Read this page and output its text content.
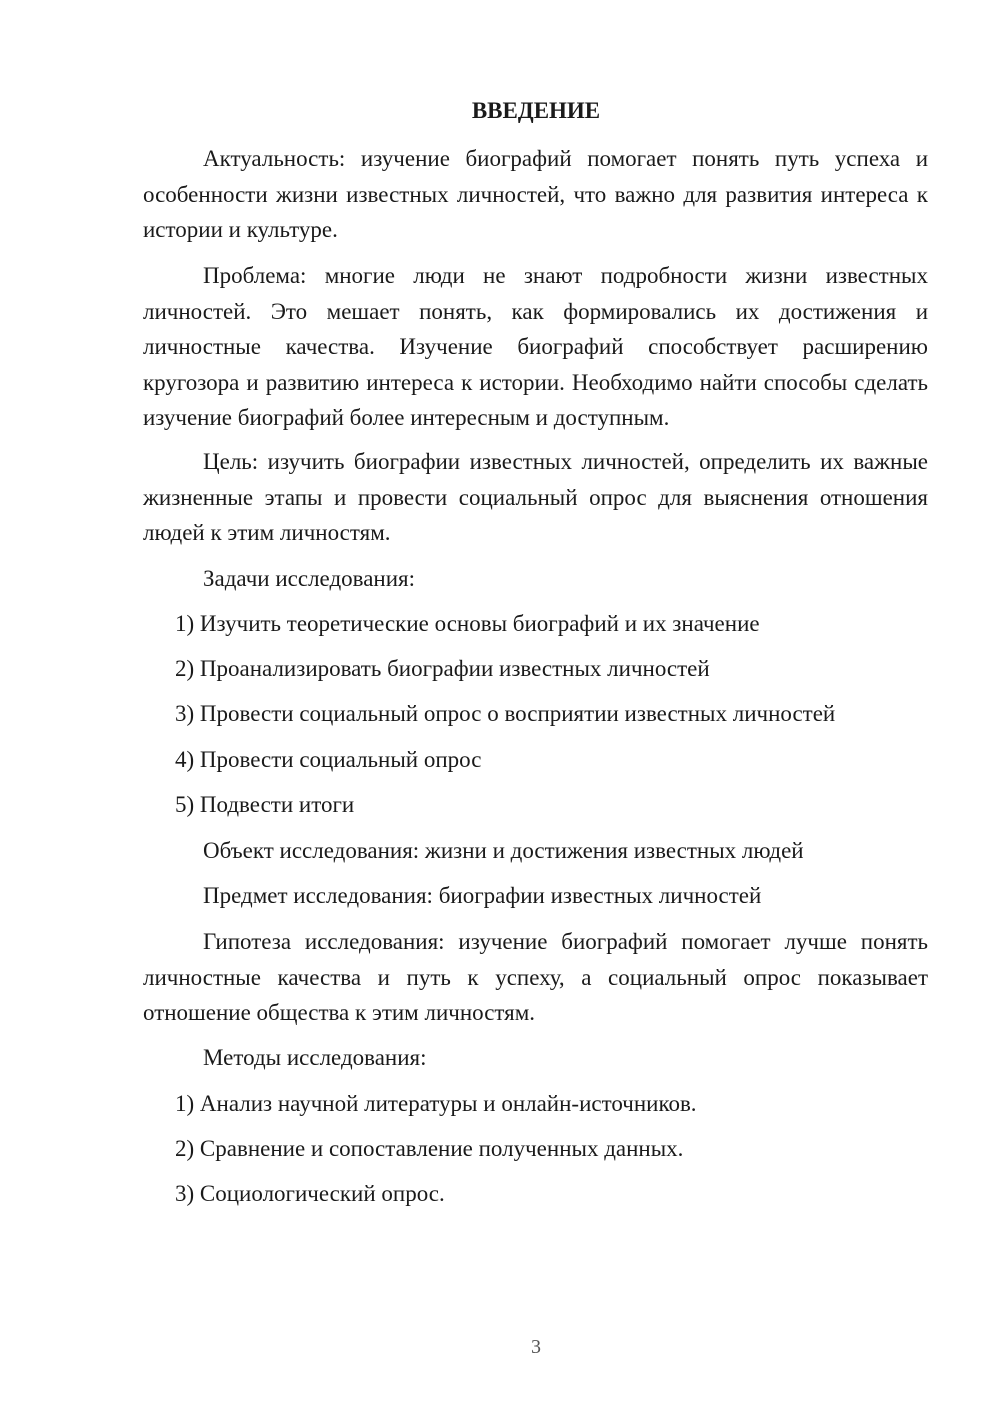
ВВЕДЕНИЕ

Актуальность: изучение биографий помогает понять путь успеха и особенности жизни известных личностей, что важно для развития интереса к истории и культуре.

Проблема: многие люди не знают подробности жизни известных личностей. Это мешает понять, как формировались их достижения и личностные качества. Изучение биографий способствует расширению кругозора и развитию интереса к истории. Необходимо найти способы сделать изучение биографий более интересным и доступным.

Цель: изучить биографии известных личностей, определить их важные жизненные этапы и провести социальный опрос для выяснения отношения людей к этим личностям.

Задачи исследования:

1) Изучить теоретические основы биографий и их значение

2) Проанализировать биографии известных личностей

3) Провести социальный опрос о восприятии известных личностей

4) Провести социальный опрос

5) Подвести итоги

Объект исследования: жизни и достижения известных людей

Предмет исследования: биографии известных личностей

Гипотеза исследования: изучение биографий помогает лучше понять личностные качества и путь к успеху, а социальный опрос показывает отношение общества к этим личностям.

Методы исследования:

1) Анализ научной литературы и онлайн-источников.

2) Сравнение и сопоставление полученных данных.

3) Социологический опрос.

3
